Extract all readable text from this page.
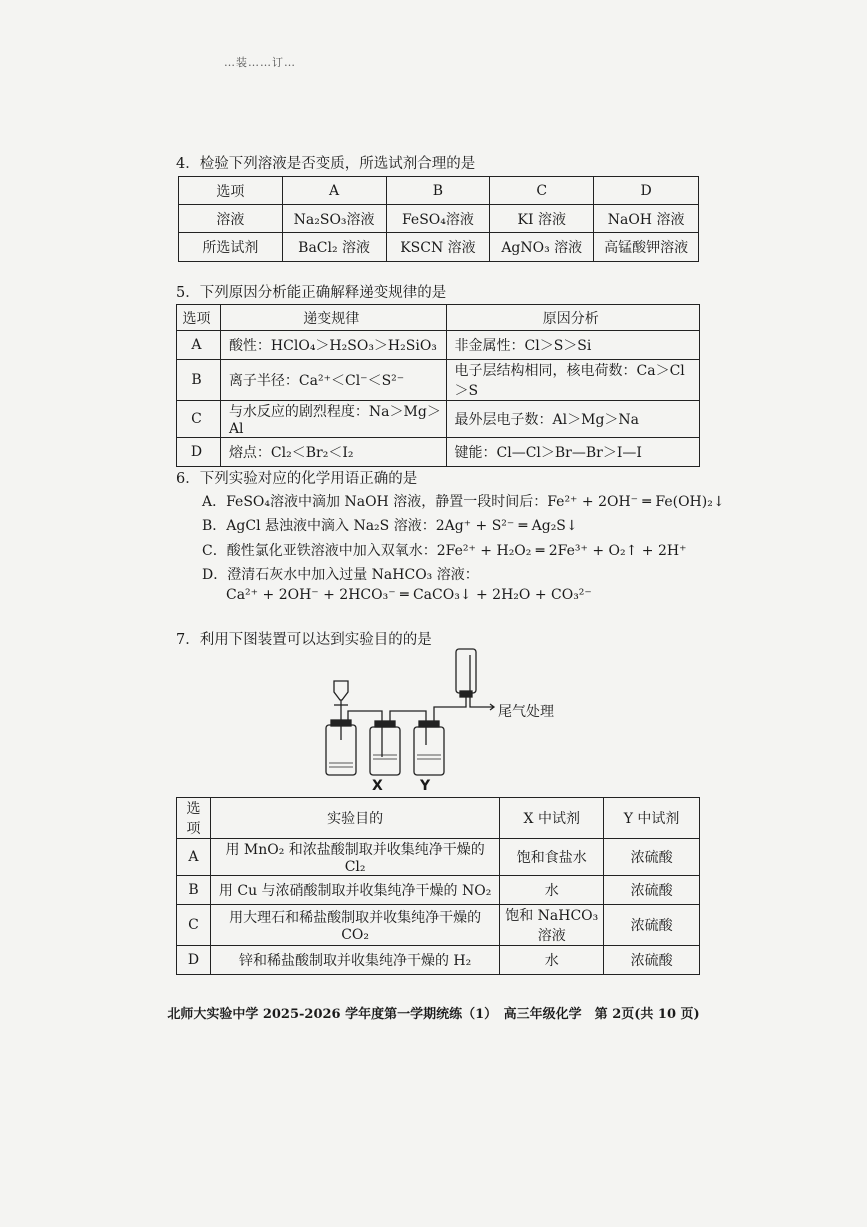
…装……订…
4．检验下列溶液是否变质，所选试剂合理的是
选项	A	B	C	D
溶液	Na₂SO₃溶液	FeSO₄溶液	KI 溶液	NaOH 溶液
所选试剂	BaCl₂ 溶液	KSCN 溶液	AgNO₃ 溶液	高锰酸钾溶液
5．下列原因分析能正确解释递变规律的是
选项	递变规律	原因分析
A	酸性：HClO₄＞H₂SO₃＞H₂SiO₃	非金属性：Cl＞S＞Si
B	离子半径：Ca²⁺＜Cl⁻＜S²⁻	电子层结构相同，核电荷数：Ca＞Cl＞S
C	与水反应的剧烈程度：Na＞Mg＞Al	最外层电子数：Al＞Mg＞Na
D	熔点：Cl₂＜Br₂＜I₂	键能：Cl—Cl＞Br—Br＞I—I
6．下列实验对应的化学用语正确的是
A．FeSO₄溶液中滴加 NaOH 溶液，静置一段时间后：Fe²⁺ + 2OH⁻ ═ Fe(OH)₂↓
B．AgCl 悬浊液中滴入 Na₂S 溶液：2Ag⁺ + S²⁻ ═ Ag₂S↓
C．酸性氯化亚铁溶液中加入双氧水：2Fe²⁺ + H₂O₂ ═ 2Fe³⁺ + O₂↑ + 2H⁺
D．澄清石灰水中加入过量 NaHCO₃ 溶液：
Ca²⁺ + 2OH⁻ + 2HCO₃⁻ ═ CaCO₃↓ + 2H₂O + CO₃²⁻
7．利用下图装置可以达到实验目的的是
X	Y
尾气处理
选项	实验目的	X 中试剂	Y 中试剂
A	用 MnO₂ 和浓盐酸制取并收集纯净干燥的 Cl₂	饱和食盐水	浓硫酸
B	用 Cu 与浓硝酸制取并收集纯净干燥的 NO₂	水	浓硫酸
C	用大理石和稀盐酸制取并收集纯净干燥的 CO₂	饱和 NaHCO₃ 溶液	浓硫酸
D	锌和稀盐酸制取并收集纯净干燥的 H₂	水	浓硫酸
北师大实验中学 2025-2026 学年度第一学期统练（1）　高三年级化学　第 2页(共 10 页)
